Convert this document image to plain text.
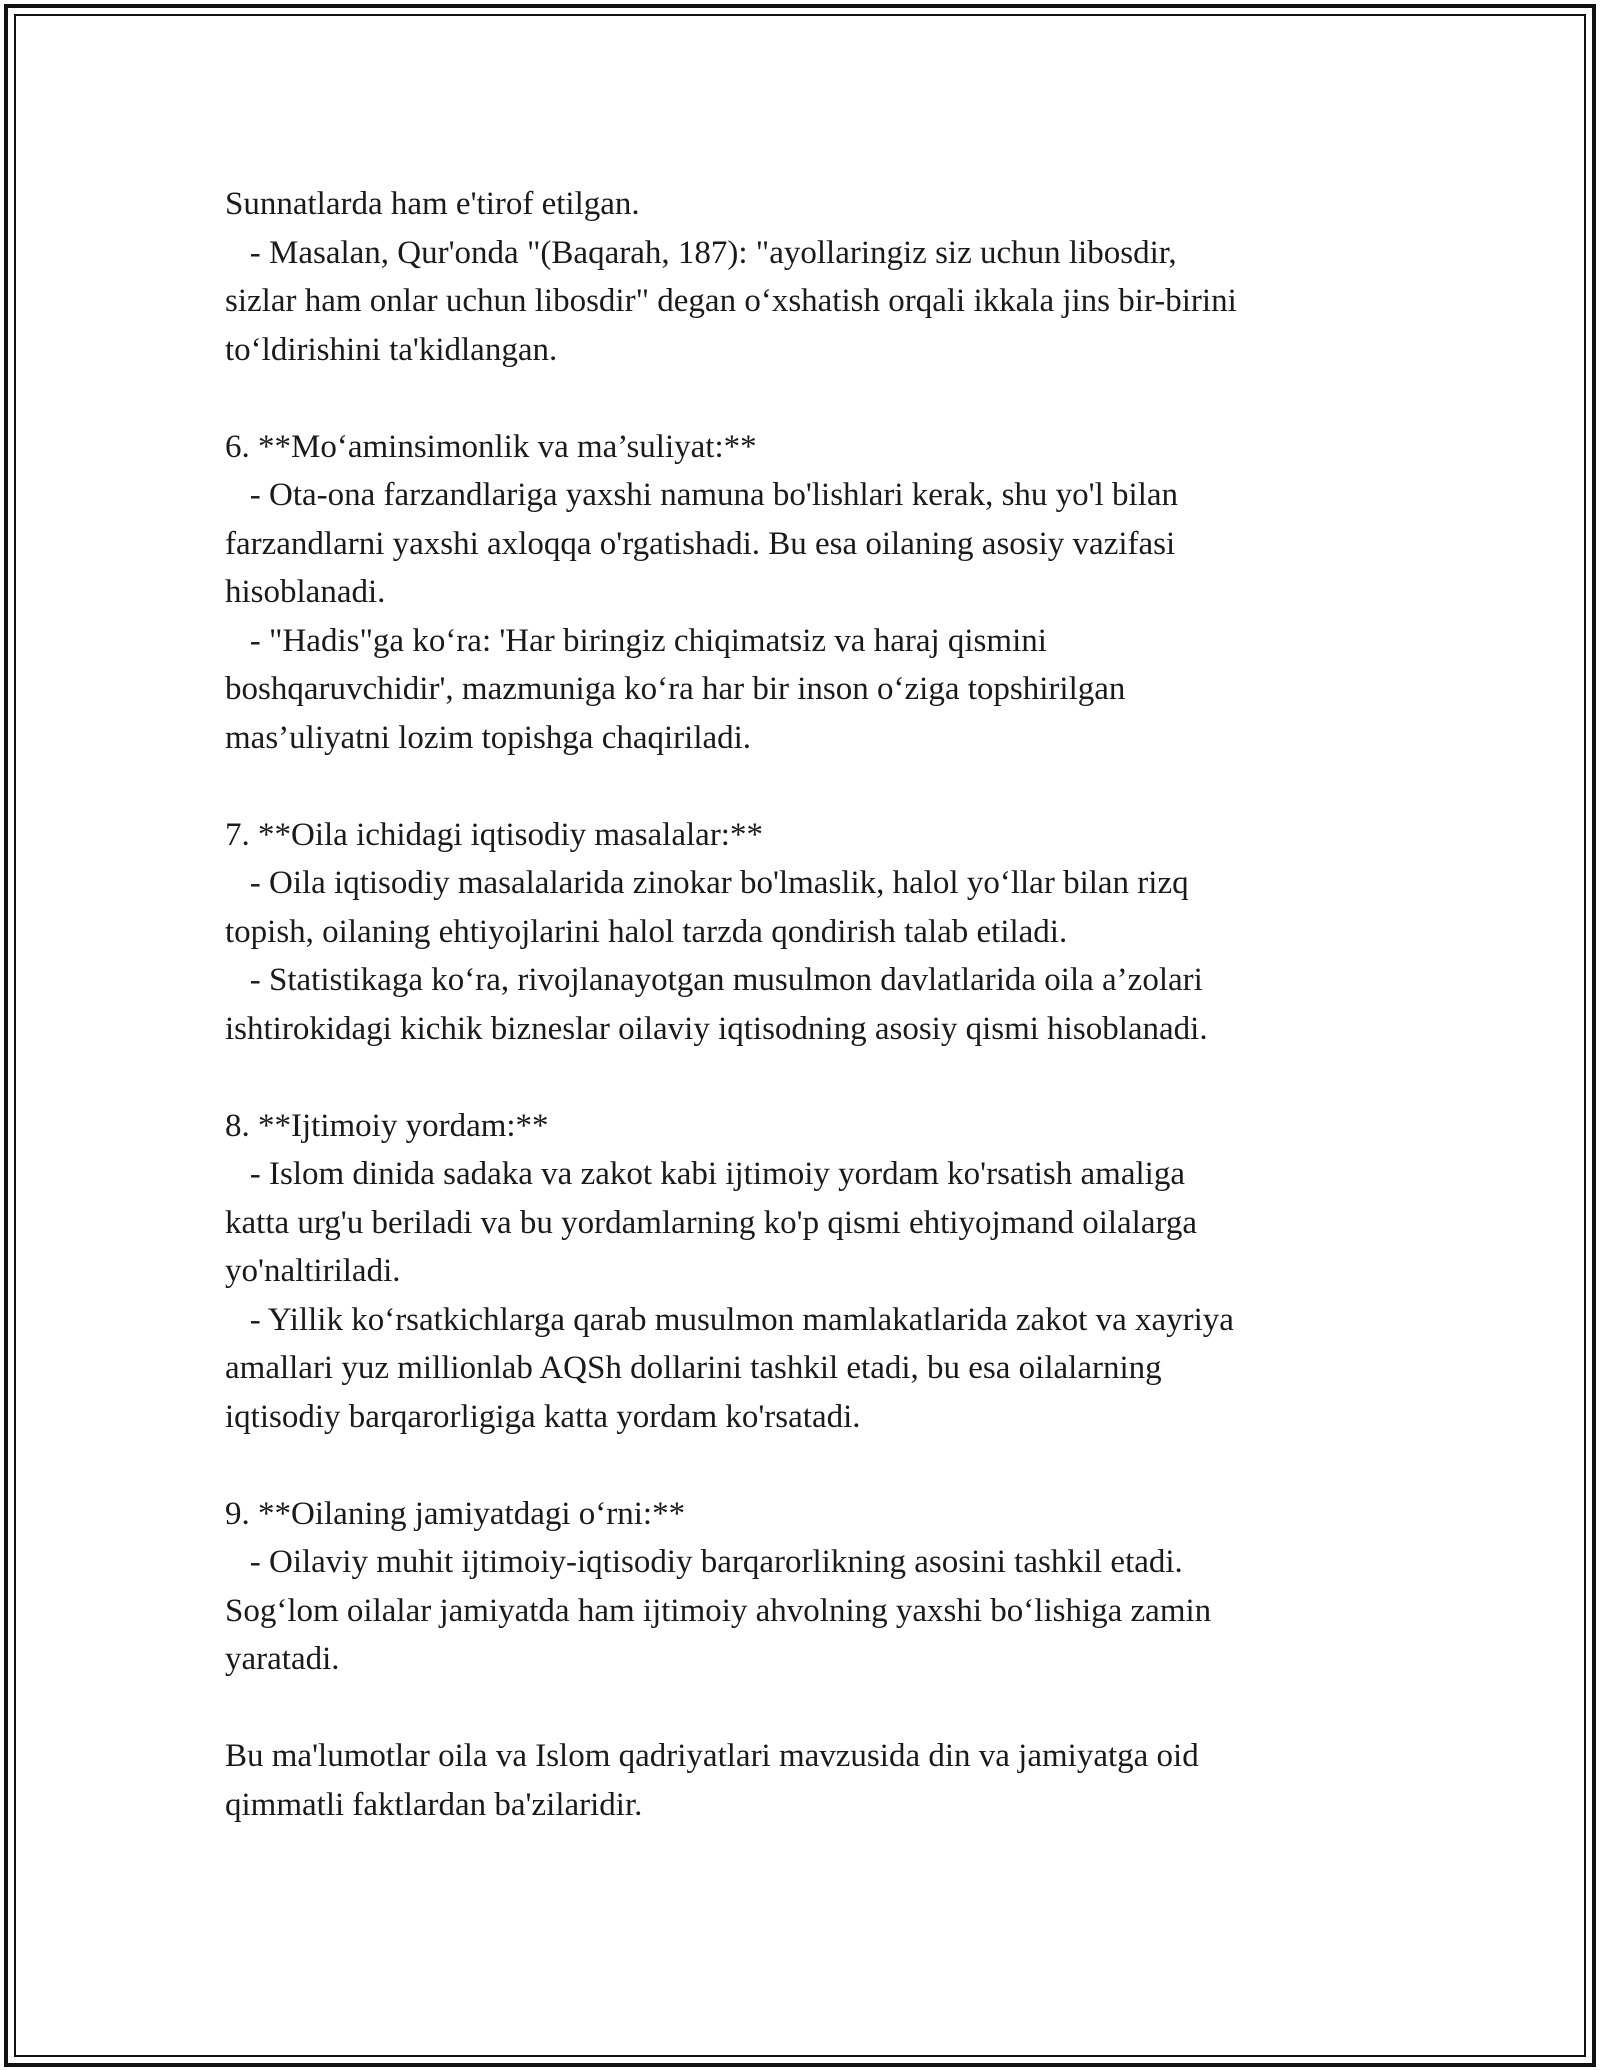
Sunnatlarda ham e'tirof etilgan.

- Masalan, Qur'onda "(Baqarah, 187): "ayollaringiz siz uchun libosdir,

sizlar ham onlar uchun libosdir" degan o‘xshatish orqali ikkala jins bir-birini

to‘ldirishini ta'kidlangan.

6. **Mo‘aminsimonlik va ma’suliyat:**

- Ota-ona farzandlariga yaxshi namuna bo'lishlari kerak, shu yo'l bilan

farzandlarni yaxshi axloqqa o'rgatishadi. Bu esa oilaning asosiy vazifasi

hisoblanadi.

- "Hadis"ga ko‘ra: 'Har biringiz chiqimatsiz va haraj qismini

boshqaruvchidir', mazmuniga ko‘ra har bir inson o‘ziga topshirilgan

mas’uliyatni lozim topishga chaqiriladi.

7. **Oila ichidagi iqtisodiy masalalar:**

- Oila iqtisodiy masalalarida zinokar bo'lmaslik, halol yo‘llar bilan rizq

topish, oilaning ehtiyojlarini halol tarzda qondirish talab etiladi.

- Statistikaga ko‘ra, rivojlanayotgan musulmon davlatlarida oila a’zolari

ishtirokidagi kichik bizneslar oilaviy iqtisodning asosiy qismi hisoblanadi.

8. **Ijtimoiy yordam:**

- Islom dinida sadaka va zakot kabi ijtimoiy yordam ko'rsatish amaliga

katta urg'u beriladi va bu yordamlarning ko'p qismi ehtiyojmand oilalarga

yo'naltiriladi.

- Yillik ko‘rsatkichlarga qarab musulmon mamlakatlarida zakot va xayriya

amallari yuz millionlab AQSh dollarini tashkil etadi, bu esa oilalarning

iqtisodiy barqarorligiga katta yordam ko'rsatadi.

9. **Oilaning jamiyatdagi o‘rni:**

- Oilaviy muhit ijtimoiy-iqtisodiy barqarorlikning asosini tashkil etadi.

Sog‘lom oilalar jamiyatda ham ijtimoiy ahvolning yaxshi bo‘lishiga zamin

yaratadi.

Bu ma'lumotlar oila va Islom qadriyatlari mavzusida din va jamiyatga oid

qimmatli faktlardan ba'zilaridir.
